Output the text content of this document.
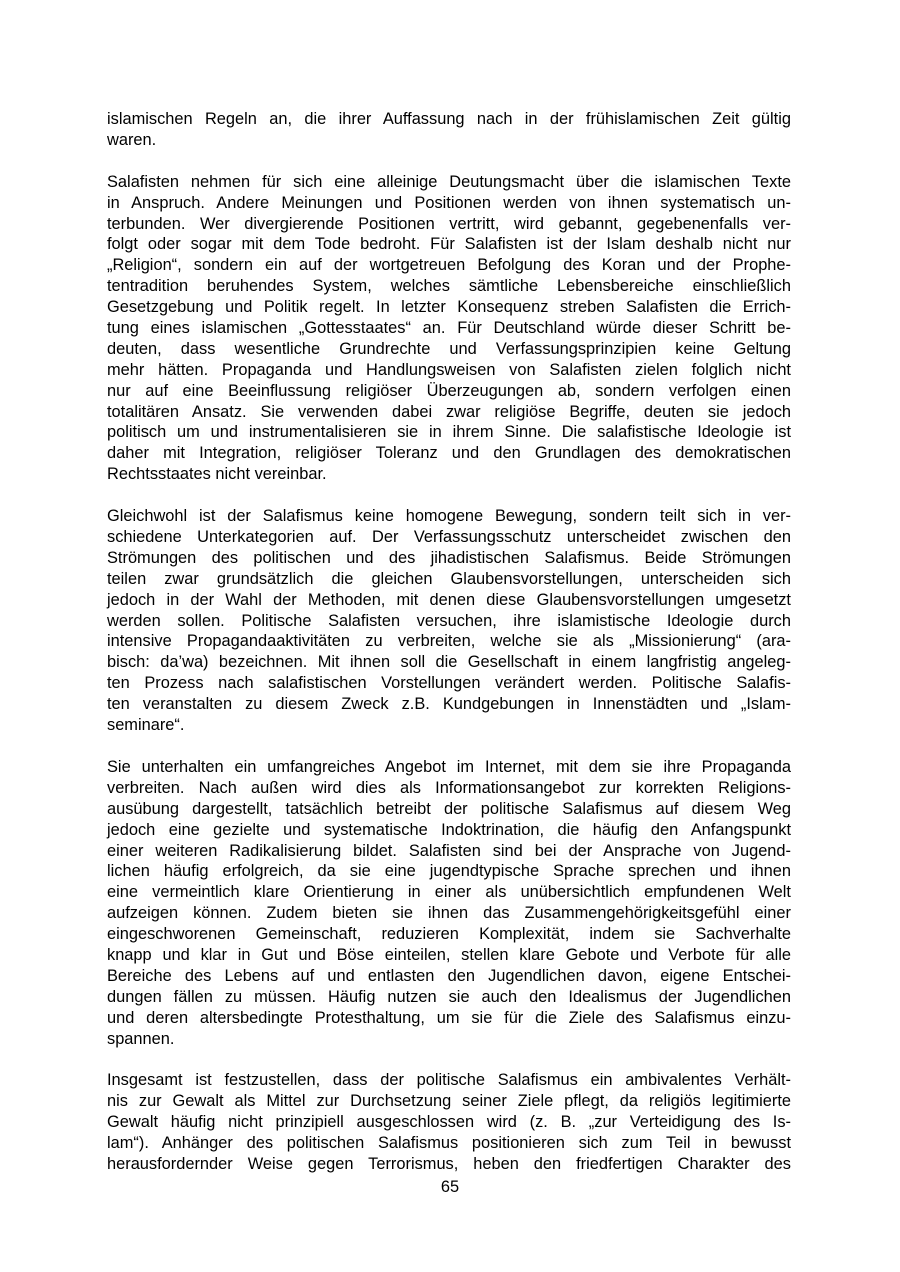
islamischen Regeln an, die ihrer Auffassung nach in der frühislamischen Zeit gültig
waren.

Salafisten nehmen für sich eine alleinige Deutungsmacht über die islamischen Texte
in Anspruch. Andere Meinungen und Positionen werden von ihnen systematisch un-
terbunden. Wer divergierende Positionen vertritt, wird gebannt, gegebenenfalls ver-
folgt oder sogar mit dem Tode bedroht. Für Salafisten ist der Islam deshalb nicht nur
„Religion“, sondern ein auf der wortgetreuen Befolgung des Koran und der Prophe-
tentradition beruhendes System, welches sämtliche Lebensbereiche einschließlich
Gesetzgebung und Politik regelt. In letzter Konsequenz streben Salafisten die Errich-
tung eines islamischen „Gottesstaates“ an. Für Deutschland würde dieser Schritt be-
deuten, dass wesentliche Grundrechte und Verfassungsprinzipien keine Geltung
mehr hätten. Propaganda und Handlungsweisen von Salafisten zielen folglich nicht
nur auf eine Beeinflussung religiöser Überzeugungen ab, sondern verfolgen einen
totalitären Ansatz. Sie verwenden dabei zwar religiöse Begriffe, deuten sie jedoch
politisch um und instrumentalisieren sie in ihrem Sinne. Die salafistische Ideologie ist
daher mit Integration, religiöser Toleranz und den Grundlagen des demokratischen
Rechtsstaates nicht vereinbar.

Gleichwohl ist der Salafismus keine homogene Bewegung, sondern teilt sich in ver-
schiedene Unterkategorien auf. Der Verfassungsschutz unterscheidet zwischen den
Strömungen des politischen und des jihadistischen Salafismus. Beide Strömungen
teilen zwar grundsätzlich die gleichen Glaubensvorstellungen, unterscheiden sich
jedoch in der Wahl der Methoden, mit denen diese Glaubensvorstellungen umgesetzt
werden sollen. Politische Salafisten versuchen, ihre islamistische Ideologie durch
intensive Propagandaaktivitäten zu verbreiten, welche sie als „Missionierung“ (ara-
bisch: da’wa) bezeichnen. Mit ihnen soll die Gesellschaft in einem langfristig angeleg-
ten Prozess nach salafistischen Vorstellungen verändert werden. Politische Salafis-
ten veranstalten zu diesem Zweck z.B. Kundgebungen in Innenstädten und „Islam-
seminare“.

Sie unterhalten ein umfangreiches Angebot im Internet, mit dem sie ihre Propaganda
verbreiten. Nach außen wird dies als Informationsangebot zur korrekten Religions-
ausübung dargestellt, tatsächlich betreibt der politische Salafismus auf diesem Weg
jedoch eine gezielte und systematische Indoktrination, die häufig den Anfangspunkt
einer weiteren Radikalisierung bildet. Salafisten sind bei der Ansprache von Jugend-
lichen häufig erfolgreich, da sie eine jugendtypische Sprache sprechen und ihnen
eine vermeintlich klare Orientierung in einer als unübersichtlich empfundenen Welt
aufzeigen können. Zudem bieten sie ihnen das Zusammengehörigkeitsgefühl einer
eingeschworenen Gemeinschaft, reduzieren Komplexität, indem sie Sachverhalte
knapp und klar in Gut und Böse einteilen, stellen klare Gebote und Verbote für alle
Bereiche des Lebens auf und entlasten den Jugendlichen davon, eigene Entschei-
dungen fällen zu müssen. Häufig nutzen sie auch den Idealismus der Jugendlichen
und deren altersbedingte Protesthaltung, um sie für die Ziele des Salafismus einzu-
spannen.

Insgesamt ist festzustellen, dass der politische Salafismus ein ambivalentes Verhält-
nis zur Gewalt als Mittel zur Durchsetzung seiner Ziele pflegt, da religiös legitimierte
Gewalt häufig nicht prinzipiell ausgeschlossen wird (z. B. „zur Verteidigung des Is-
lam“). Anhänger des politischen Salafismus positionieren sich zum Teil in bewusst
herausfordernder Weise gegen Terrorismus, heben den friedfertigen Charakter des

65
